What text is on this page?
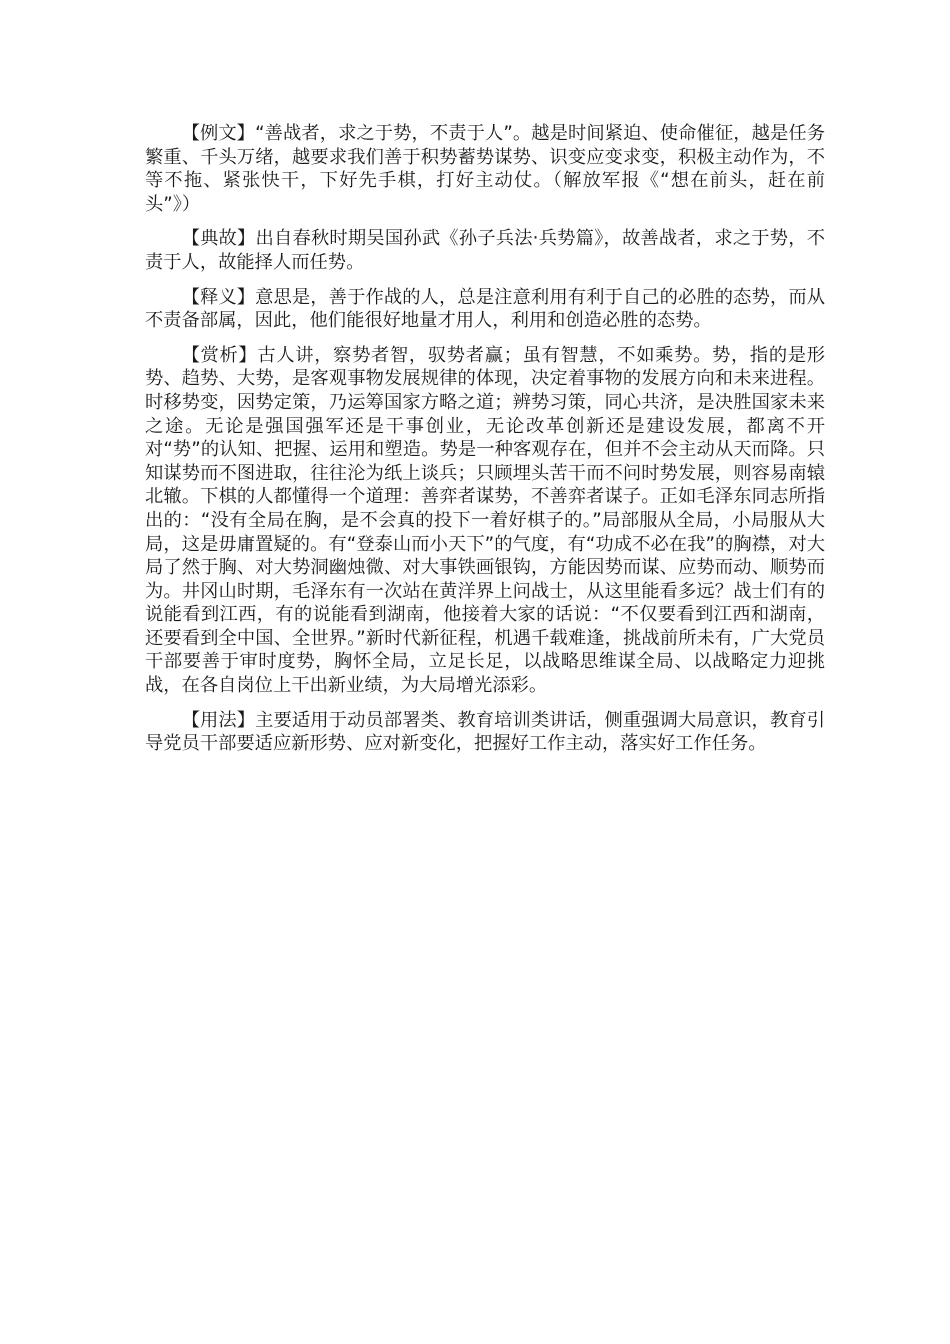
【例文】“善战者，求之于势，不责于人”。越是时间紧迫、使命催征，越是任务繁重、千头万绪，越要求我们善于积势蓄势谋势、识变应变求变，积极主动作为，不等不拖、紧张快干，下好先手棋，打好主动仗。（解放军报《“想在前头，赶在前头”》）

【典故】出自春秋时期吴国孙武《孙子兵法·兵势篇》，故善战者，求之于势，不责于人，故能择人而任势。

【释义】意思是，善于作战的人，总是注意利用有利于自己的必胜的态势，而从不责备部属，因此，他们能很好地量才用人，利用和创造必胜的态势。

【赏析】古人讲，察势者智，驭势者赢；虽有智慧，不如乘势。势，指的是形势、趋势、大势，是客观事物发展规律的体现，决定着事物的发展方向和未来进程。时移势变，因势定策，乃运筹国家方略之道；辨势习策，同心共济，是决胜国家未来之途。无论是强国强军还是干事创业，无论改革创新还是建设发展，都离不开对“势”的认知、把握、运用和塑造。势是一种客观存在，但并不会主动从天而降。只知谋势而不图进取，往往沦为纸上谈兵；只顾埋头苦干而不问时势发展，则容易南辕北辙。下棋的人都懂得一个道理：善弈者谋势，不善弈者谋子。正如毛泽东同志所指出的：“没有全局在胸，是不会真的投下一着好棋子的。”局部服从全局，小局服从大局，这是毋庸置疑的。有“登泰山而小天下”的气度，有“功成不必在我”的胸襟，对大局了然于胸、对大势洞幽烛微、对大事铁画银钩，方能因势而谋、应势而动、顺势而为。井冈山时期，毛泽东有一次站在黄洋界上问战士，从这里能看多远？战士们有的说能看到江西，有的说能看到湖南，他接着大家的话说：“不仅要看到江西和湖南，还要看到全中国、全世界。”新时代新征程，机遇千载难逢，挑战前所未有，广大党员干部要善于审时度势，胸怀全局，立足长足，以战略思维谋全局、以战略定力迎挑战，在各自岗位上干出新业绩，为大局增光添彩。

【用法】主要适用于动员部署类、教育培训类讲话，侧重强调大局意识，教育引导党员干部要适应新形势、应对新变化，把握好工作主动，落实好工作任务。
